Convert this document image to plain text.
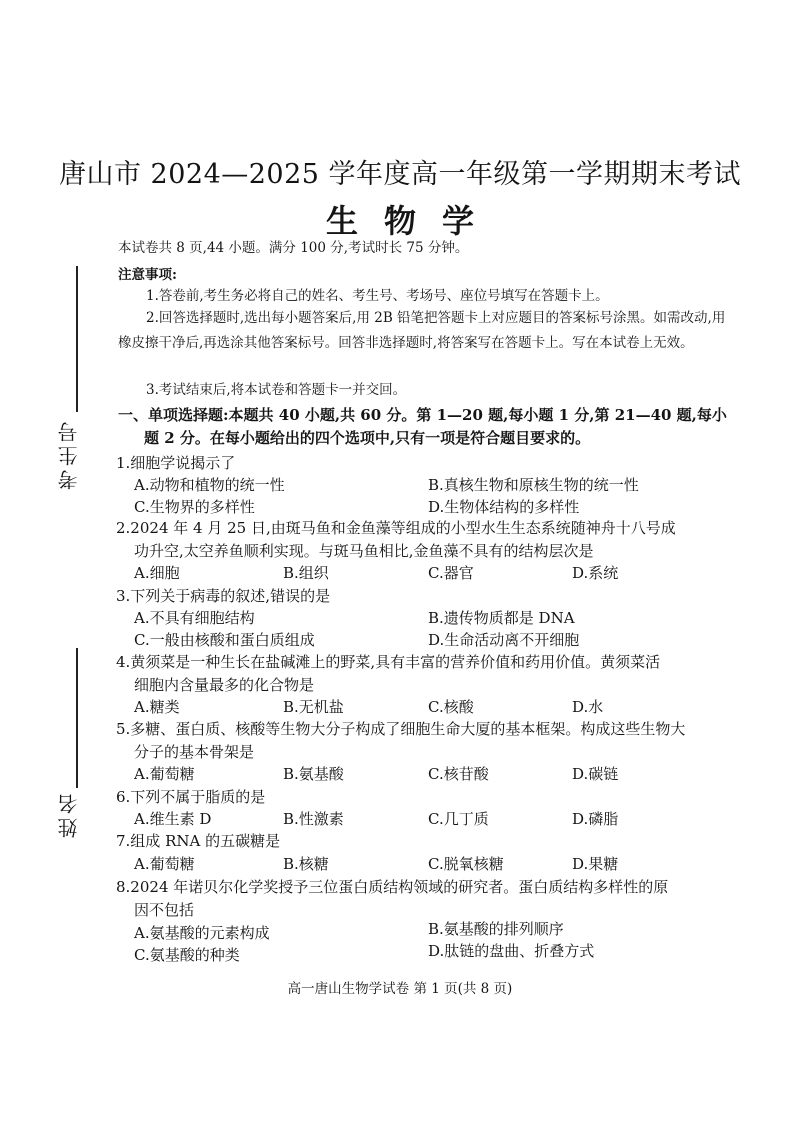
考生号
姓名
唐山市 2024—2025 学年度高一年级第一学期期末考试
生物学
本试卷共 8 页,44 小题。满分 100 分,考试时长 75 分钟。
注意事项:
1.答卷前,考生务必将自己的姓名、考生号、考场号、座位号填写在答题卡上。
2.回答选择题时,选出每小题答案后,用 2B 铅笔把答题卡上对应题目的答案标号涂黑。如需改动,用橡皮擦干净后,再选涂其他答案标号。回答非选择题时,将答案写在答题卡上。写在本试卷上无效。
3.考试结束后,将本试卷和答题卡一并交回。
一、单项选择题:本题共 40 小题,共 60 分。第 1—20 题,每小题 1 分,第 21—40 题,每小题 2 分。在每小题给出的四个选项中,只有一项是符合题目要求的。
1.细胞学说揭示了
A.动物和植物的统一性	B.真核生物和原核生物的统一性
C.生物界的多样性	D.生物体结构的多样性
2.2024 年 4 月 25 日,由斑马鱼和金鱼藻等组成的小型水生生态系统随神舟十八号成
功升空,太空养鱼顺利实现。与斑马鱼相比,金鱼藻不具有的结构层次是
A.细胞	B.组织	C.器官	D.系统
3.下列关于病毒的叙述,错误的是
A.不具有细胞结构	B.遗传物质都是 DNA
C.一般由核酸和蛋白质组成	D.生命活动离不开细胞
4.黄须菜是一种生长在盐碱滩上的野菜,具有丰富的营养价值和药用价值。黄须菜活
细胞内含量最多的化合物是
A.糖类	B.无机盐	C.核酸	D.水
5.多糖、蛋白质、核酸等生物大分子构成了细胞生命大厦的基本框架。构成这些生物大
分子的基本骨架是
A.葡萄糖	B.氨基酸	C.核苷酸	D.碳链
6.下列不属于脂质的是
A.维生素 D	B.性激素	C.几丁质	D.磷脂
7.组成 RNA 的五碳糖是
A.葡萄糖	B.核糖	C.脱氧核糖	D.果糖
8.2024 年诺贝尔化学奖授予三位蛋白质结构领域的研究者。蛋白质结构多样性的原
因不包括
A.氨基酸的元素构成	B.氨基酸的排列顺序
C.氨基酸的种类	D.肽链的盘曲、折叠方式
高一唐山生物学试卷 第 1 页(共 8 页)
